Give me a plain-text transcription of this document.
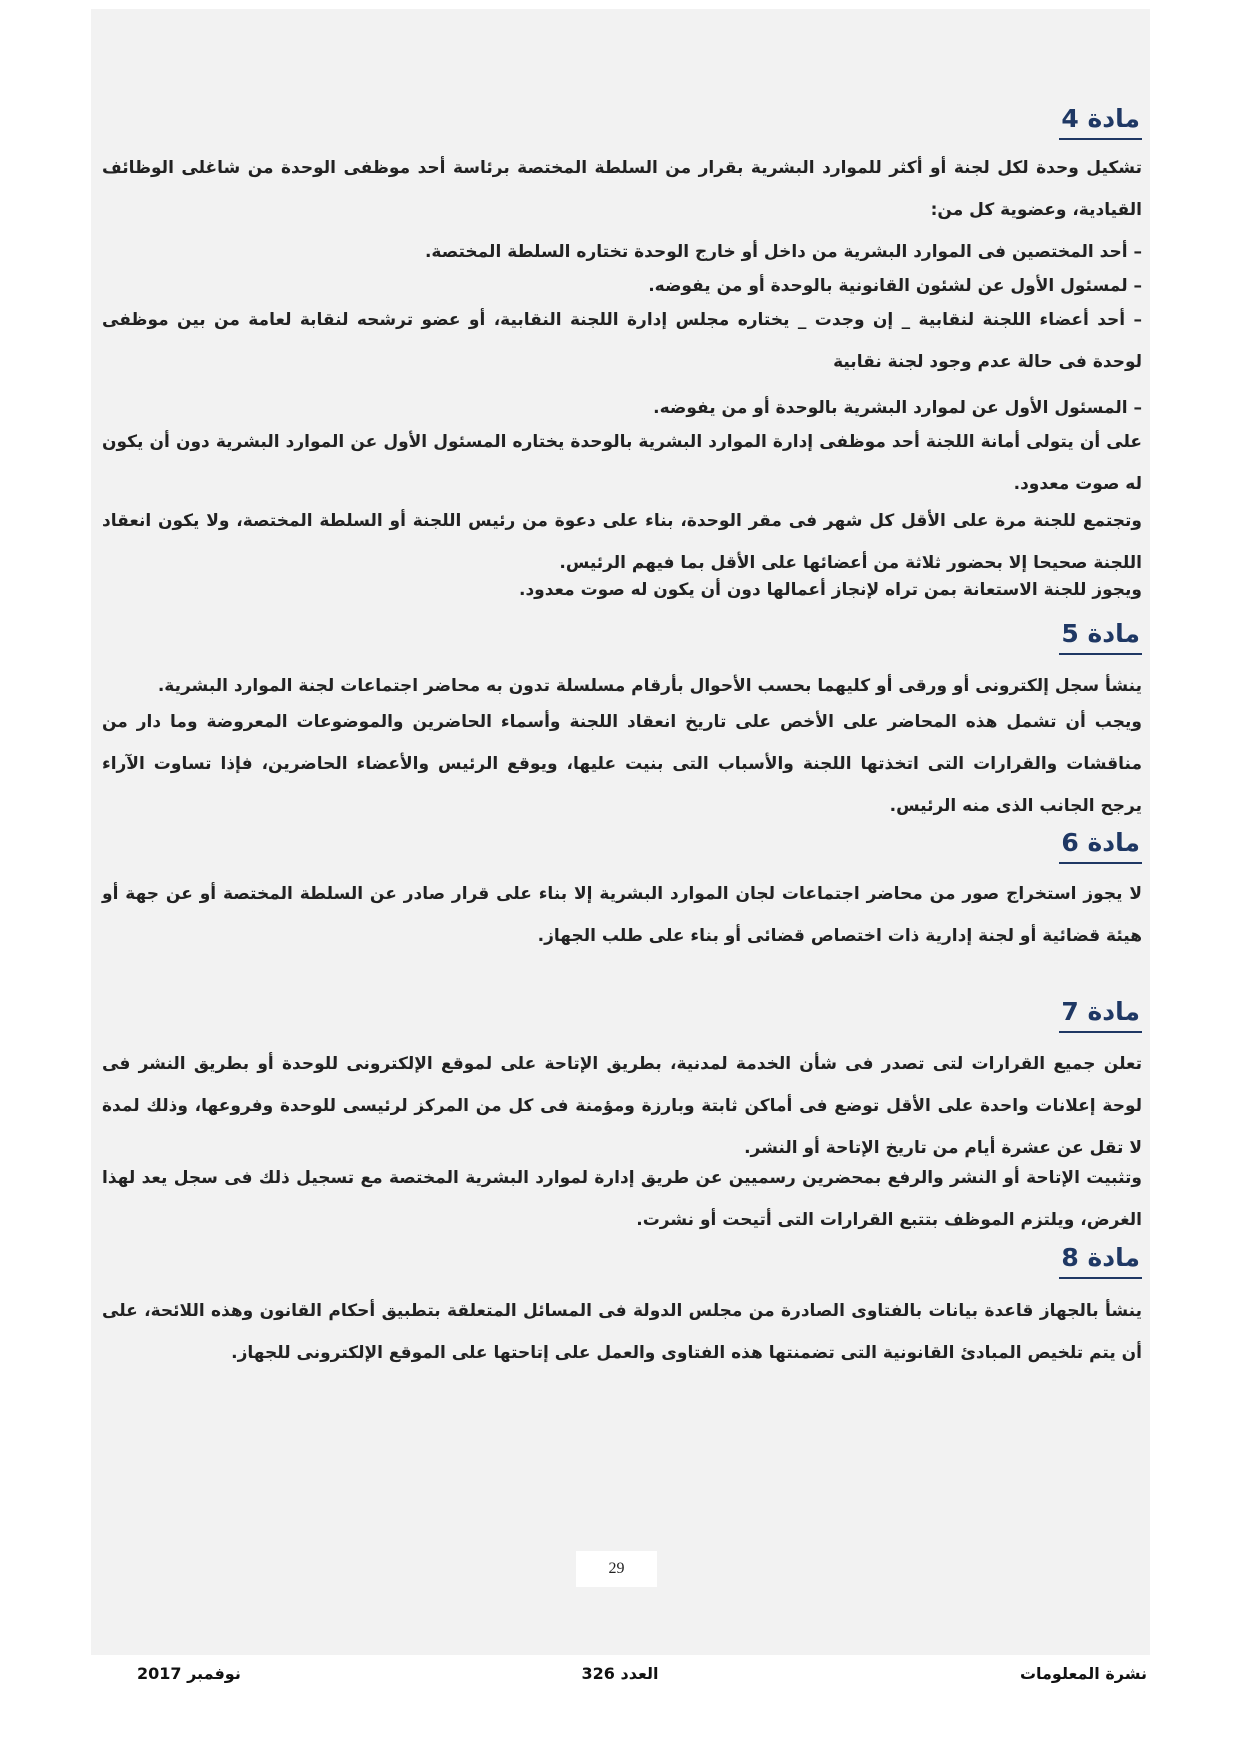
مادة 4
تشكيل وحدة لكل لجنة أو أكثر للموارد البشرية بقرار من السلطة المختصة برئاسة أحد موظفى الوحدة من شاغلى الوظائف القيادية، وعضوية كل من:
– أحد المختصين فى الموارد البشرية من داخل أو خارج الوحدة تختاره السلطة المختصة.
– لمسئول الأول عن لشئون القانونية بالوحدة أو من يفوضه.
– أحد أعضاء اللجنة لنقابية _ إن وجدت _ يختاره مجلس إدارة اللجنة النقابية، أو عضو ترشحه لنقابة لعامة من بين موظفى لوحدة فى حالة عدم وجود لجنة نقابية
– المسئول الأول عن لموارد البشرية بالوحدة أو من يفوضه.
على أن يتولى أمانة اللجنة أحد موظفى إدارة الموارد البشرية بالوحدة يختاره المسئول الأول عن الموارد البشرية دون أن يكون له صوت معدود.
وتجتمع للجنة مرة على الأقل كل شهر فى مقر الوحدة، بناء على دعوة من رئيس اللجنة أو السلطة المختصة، ولا يكون انعقاد اللجنة صحيحا إلا بحضور ثلاثة من أعضائها على الأقل بما فيهم الرئيس.
ويجوز للجنة الاستعانة بمن تراه لإنجاز أعمالها دون أن يكون له صوت معدود.
مادة 5
ينشأ سجل إلكترونى أو ورقى أو كليهما بحسب الأحوال بأرقام مسلسلة تدون به محاضر اجتماعات لجنة الموارد البشرية.
ويجب أن تشمل هذه المحاضر على الأخص على تاريخ انعقاد اللجنة وأسماء الحاضرين والموضوعات المعروضة وما دار من مناقشات والقرارات التى اتخذتها اللجنة والأسباب التى بنيت عليها، ويوقع الرئيس والأعضاء الحاضرين، فإذا تساوت الآراء يرجح الجانب الذى منه الرئيس.
مادة 6
لا يجوز استخراج صور من محاضر اجتماعات لجان الموارد البشرية إلا بناء على قرار صادر عن السلطة المختصة أو عن جهة أو هيئة قضائية أو لجنة إدارية ذات اختصاص قضائى أو بناء على طلب الجهاز.
مادة 7
تعلن جميع القرارات لتى تصدر فى شأن الخدمة لمدنية، بطريق الإتاحة على لموقع الإلكترونى للوحدة أو بطريق النشر فى لوحة إعلانات واحدة على الأقل توضع فى أماكن ثابتة وبارزة ومؤمنة فى كل من المركز لرئيسى للوحدة وفروعها، وذلك لمدة لا تقل عن عشرة أيام من تاريخ الإتاحة أو النشر.
وتثبيت الإتاحة أو النشر والرفع بمحضرين رسميين عن طريق إدارة لموارد البشرية المختصة مع تسجيل ذلك فى سجل يعد لهذا الغرض، ويلتزم الموظف بتتبع القرارات التى أتيحت أو نشرت.
مادة 8
ينشأ بالجهاز قاعدة بيانات بالفتاوى الصادرة من مجلس الدولة فى المسائل المتعلقة بتطبيق أحكام القانون وهذه اللائحة، على أن يتم تلخيص المبادئ القانونية التى تضمنتها هذه الفتاوى والعمل على إتاحتها على الموقع الإلكترونى للجهاز.
29
نشرة المعلومات
العدد 326
نوفمبر 2017
